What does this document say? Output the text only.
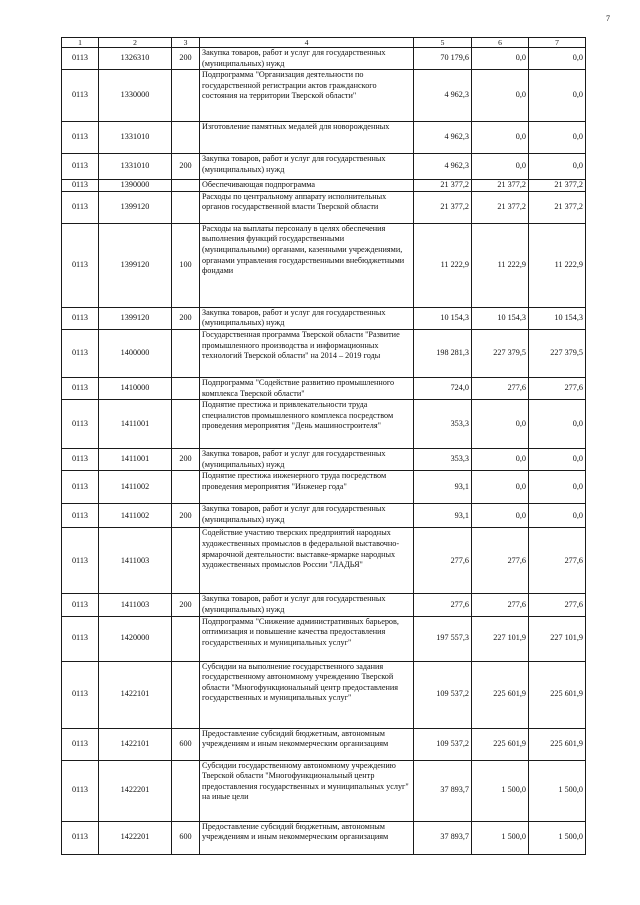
7
1	2	3	4	5	6	7
0113	1326310	200	Закупка товаров, работ и услуг для государственных (муниципальных) нужд	70 179,6	0,0	0,0
0113	1330000		Подпрограмма "Организация деятельности по государственной регистрации актов гражданского состояния на территории Тверской области"	4 962,3	0,0	0,0
0113	1331010		Изготовление памятных медалей для новорожденных	4 962,3	0,0	0,0
0113	1331010	200	Закупка товаров, работ и услуг для государственных (муниципальных) нужд	4 962,3	0,0	0,0
0113	1390000		Обеспечивающая подпрограмма	21 377,2	21 377,2	21 377,2
0113	1399120		Расходы по центральному аппарату исполнительных органов государственной власти Тверской области	21 377,2	21 377,2	21 377,2
0113	1399120	100	Расходы на выплаты персоналу в целях обеспечения выполнения функций государственными (муниципальными) органами, казенными учреждениями, органами управления государственными внебюджетными фондами	11 222,9	11 222,9	11 222,9
0113	1399120	200	Закупка товаров, работ и услуг для государственных (муниципальных) нужд	10 154,3	10 154,3	10 154,3
0113	1400000		Государственная программа Тверской области "Развитие промышленного производства и информационных технологий Тверской области" на 2014 – 2019 годы	198 281,3	227 379,5	227 379,5
0113	1410000		Подпрограмма "Содействие развитию промышленного комплекса Тверской области"	724,0	277,6	277,6
0113	1411001		Поднятие престижа и привлекательности труда специалистов промышленного комплекса посредством проведения мероприятия "День машиностроителя"	353,3	0,0	0,0
0113	1411001	200	Закупка товаров, работ и услуг для государственных (муниципальных) нужд	353,3	0,0	0,0
0113	1411002		Поднятие престижа инженерного труда посредством проведения мероприятия "Инженер года"	93,1	0,0	0,0
0113	1411002	200	Закупка товаров, работ и услуг для государственных (муниципальных) нужд	93,1	0,0	0,0
0113	1411003		Содействие участию тверских предприятий народных художественных промыслов в федеральной выставочно-ярмарочной деятельности: выставке-ярмарке народных художественных промыслов России "ЛАДЬЯ"	277,6	277,6	277,6
0113	1411003	200	Закупка товаров, работ и услуг для государственных (муниципальных) нужд	277,6	277,6	277,6
0113	1420000		Подпрограмма "Снижение административных барьеров, оптимизация и повышение качества предоставления государственных и муниципальных услуг"	197 557,3	227 101,9	227 101,9
0113	1422101		Субсидии на выполнение государственного задания государственному автономному учреждению Тверской области "Многофункциональный центр предоставления государственных и муниципальных услуг"	109 537,2	225 601,9	225 601,9
0113	1422101	600	Предоставление субсидий бюджетным, автономным учреждениям и иным некоммерческим организациям	109 537,2	225 601,9	225 601,9
0113	1422201		Субсидии государственному автономному учреждению Тверской области "Многофункциональный центр предоставления государственных и муниципальных услуг" на иные цели	37 893,7	1 500,0	1 500,0
0113	1422201	600	Предоставление субсидий бюджетным, автономным учреждениям и иным некоммерческим организациям	37 893,7	1 500,0	1 500,0
